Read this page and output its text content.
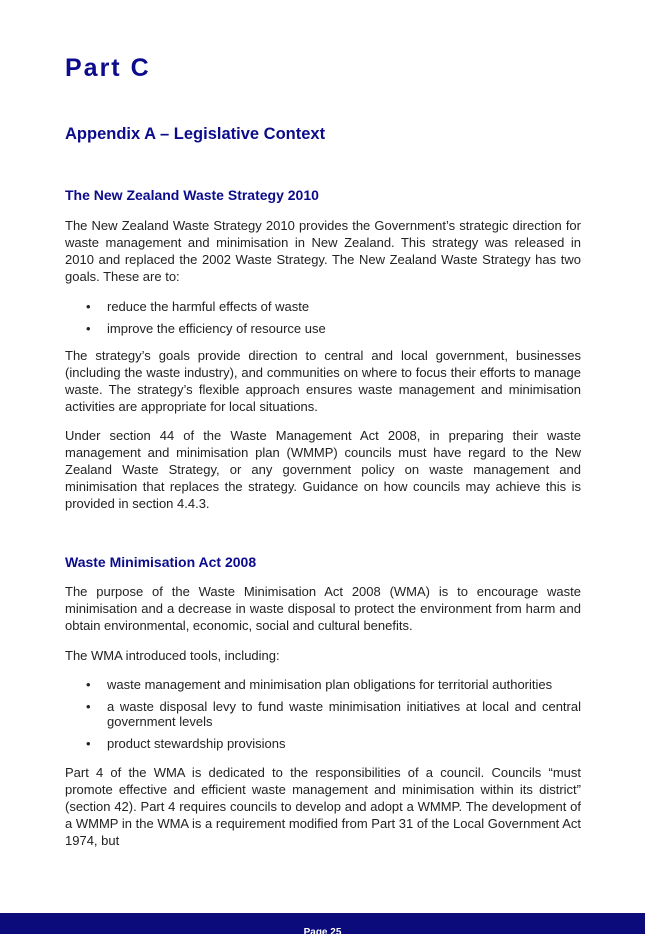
Part C
Appendix A – Legislative Context
The New Zealand Waste Strategy 2010

The New Zealand Waste Strategy 2010 provides the Government’s strategic direction for waste management and minimisation in New Zealand. This strategy was released in 2010 and replaced the 2002 Waste Strategy. The New Zealand Waste Strategy has two goals. These are to:

• reduce the harmful effects of waste
• improve the efficiency of resource use

The strategy’s goals provide direction to central and local government, businesses (including the waste industry), and communities on where to focus their efforts to manage waste. The strategy’s flexible approach ensures waste management and minimisation activities are appropriate for local situations.

Under section 44 of the Waste Management Act 2008, in preparing their waste management and minimisation plan (WMMP) councils must have regard to the New Zealand Waste Strategy, or any government policy on waste management and minimisation that replaces the strategy. Guidance on how councils may achieve this is provided in section 4.4.3.

Waste Minimisation Act 2008

The purpose of the Waste Minimisation Act 2008 (WMA) is to encourage waste minimisation and a decrease in waste disposal to protect the environment from harm and obtain environmental, economic, social and cultural benefits.

The WMA introduced tools, including:

• waste management and minimisation plan obligations for territorial authorities
• a waste disposal levy to fund waste minimisation initiatives at local and central government levels
• product stewardship provisions

Part 4 of the WMA is dedicated to the responsibilities of a council. Councils “must promote effective and efficient waste management and minimisation within its district” (section 42). Part 4 requires councils to develop and adopt a WMMP. The development of a WMMP in the WMA is a requirement modified from Part 31 of the Local Government Act 1974, but

Page 25
